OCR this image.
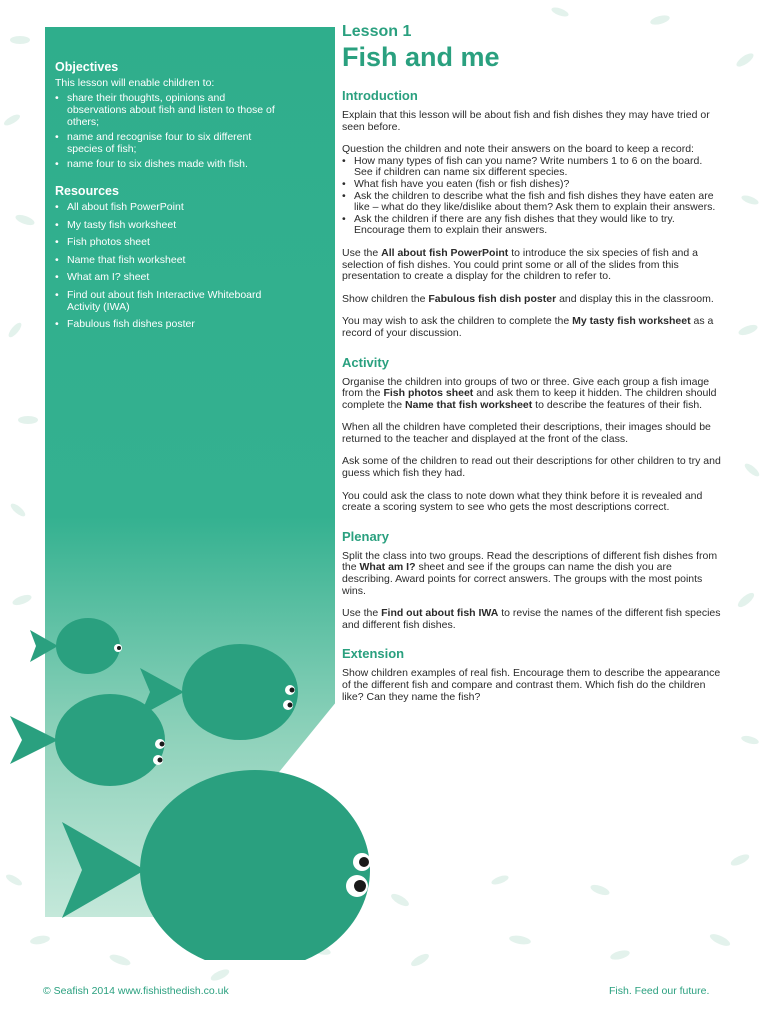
Objectives

This lesson will enable children to:

• share their thoughts, opinions and observations about fish and listen to those of others;
• name and recognise four to six different species of fish;
• name four to six dishes made with fish.

Resources

• All about fish PowerPoint
• My tasty fish worksheet
• Fish photos sheet
• Name that fish worksheet
• What am I? sheet
• Find out about fish Interactive Whiteboard Activity (IWA)
• Fabulous fish dishes poster

Lesson 1

Fish and me
Introduction

Explain that this lesson will be about fish and fish dishes they may have tried or seen before.

Question the children and note their answers on the board to keep a record:

• How many types of fish can you name? Write numbers 1 to 6 on the board. See if children can name six different species.
• What fish have you eaten (fish or fish dishes)?
• Ask the children to describe what the fish and fish dishes they have eaten are like – what do they like/dislike about them? Ask them to explain their answers.
• Ask the children if there are any fish dishes that they would like to try. Encourage them to explain their answers.

Use the All about fish PowerPoint to introduce the six species of fish and a selection of fish dishes. You could print some or all of the slides from this presentation to create a display for the children to refer to.

Show children the Fabulous fish dish poster and display this in the classroom.

You may wish to ask the children to complete the My tasty fish worksheet as a record of your discussion.

Activity

Organise the children into groups of two or three. Give each group a fish image from the Fish photos sheet and ask them to keep it hidden. The children should complete the Name that fish worksheet to describe the features of their fish.

When all the children have completed their descriptions, their images should be returned to the teacher and displayed at the front of the class.

Ask some of the children to read out their descriptions for other children to try and guess which fish they had.

You could ask the class to note down what they think before it is revealed and create a scoring system to see who gets the most descriptions correct.

Plenary

Split the class into two groups. Read the descriptions of different fish dishes from the What am I? sheet and see if the groups can name the dish you are describing. Award points for correct answers. The groups with the most points wins.

Use the Find out about fish IWA to revise the names of the different fish species and different fish dishes.

Extension

Show children examples of real fish. Encourage them to describe the appearance of the different fish and compare and contrast them. Which fish do the children like? Can they name the fish?

© Seafish 2014 www.fishisthedish.co.uk	Fish. Feed our future.
